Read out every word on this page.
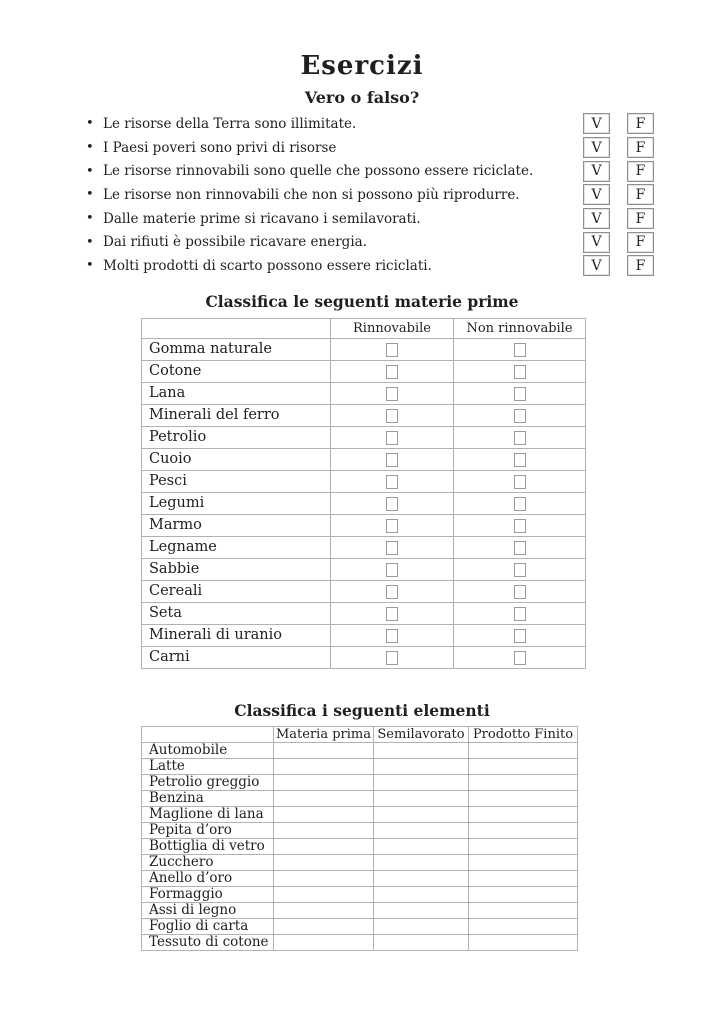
Esercizi
Vero o falso?
• Le risorse della Terra sono illimitate.	V	F
• I Paesi poveri sono privi di risorse	V	F
• Le risorse rinnovabili sono quelle che possono essere riciclate.	V	F
• Le risorse non rinnovabili che non si possono più riprodurre.	V	F
• Dalle materie prime si ricavano i semilavorati.	V	F
• Dai rifiuti è possibile ricavare energia.	V	F
• Molti prodotti di scarto possono essere riciclati.	V	F
Classifica le seguenti materie prime
	Rinnovabile	Non rinnovabile
Gomma naturale		
Cotone		
Lana		
Minerali del ferro		
Petrolio		
Cuoio		
Pesci		
Legumi		
Marmo		
Legname		
Sabbie		
Cereali		
Seta		
Minerali di uranio		
Carni		
Classifica i seguenti elementi
	Materia prima	Semilavorato	Prodotto Finito
Automobile			
Latte			
Petrolio greggio			
Benzina			
Maglione di lana			
Pepita d’oro			
Bottiglia di vetro			
Zucchero			
Anello d’oro			
Formaggio			
Assi di legno			
Foglio di carta			
Tessuto di cotone			
